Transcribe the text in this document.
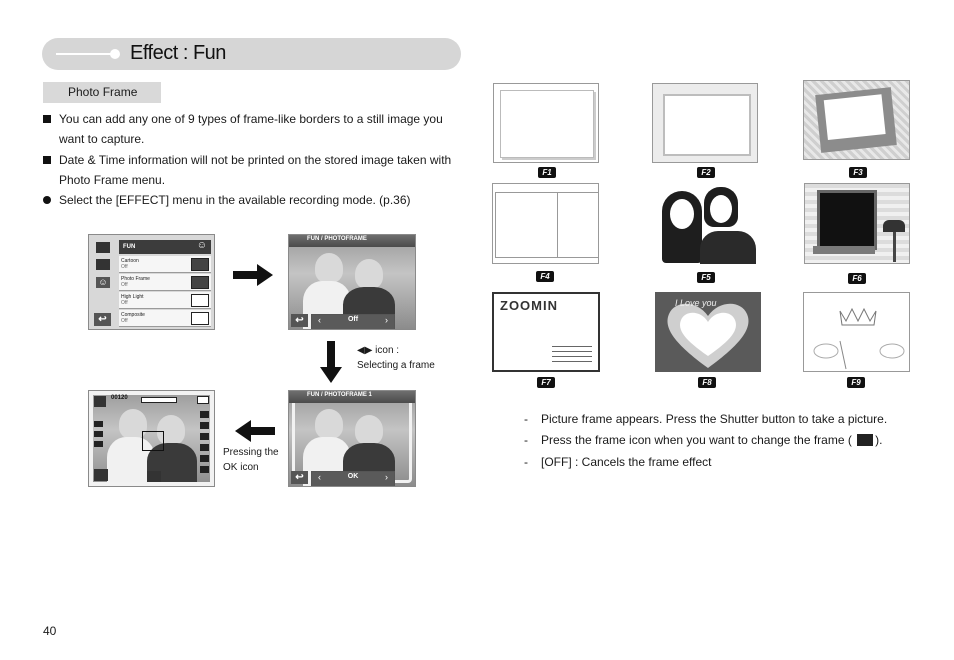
Effect : Fun
Photo Frame
You can add any one of 9 types of frame-like borders to a still image you want to capture.
Date & Time information will not be printed on the stored image taken with Photo Frame menu.
Select the [EFFECT] menu in the available recording mode. (p.36)
FUN	☺
☺
Cartoon
Off
Photo Frame
Off
High Light
Off
Composite
Off
↩
FUN / PHOTOFRAME
↩	‹	Off	›
◀▶ icon :
Selecting a frame
FUN / PHOTOFRAME 1
↩	‹	OK	›
Pressing the
OK icon
00120
F1	F2	F3
F4	F5	F6
ZOOMIN
F7
I Love you
F8	F9
- Picture frame appears. Press the Shutter button to take a picture.
- Press the frame icon when you want to change the frame ( ).
- [OFF] : Cancels the frame effect
40
